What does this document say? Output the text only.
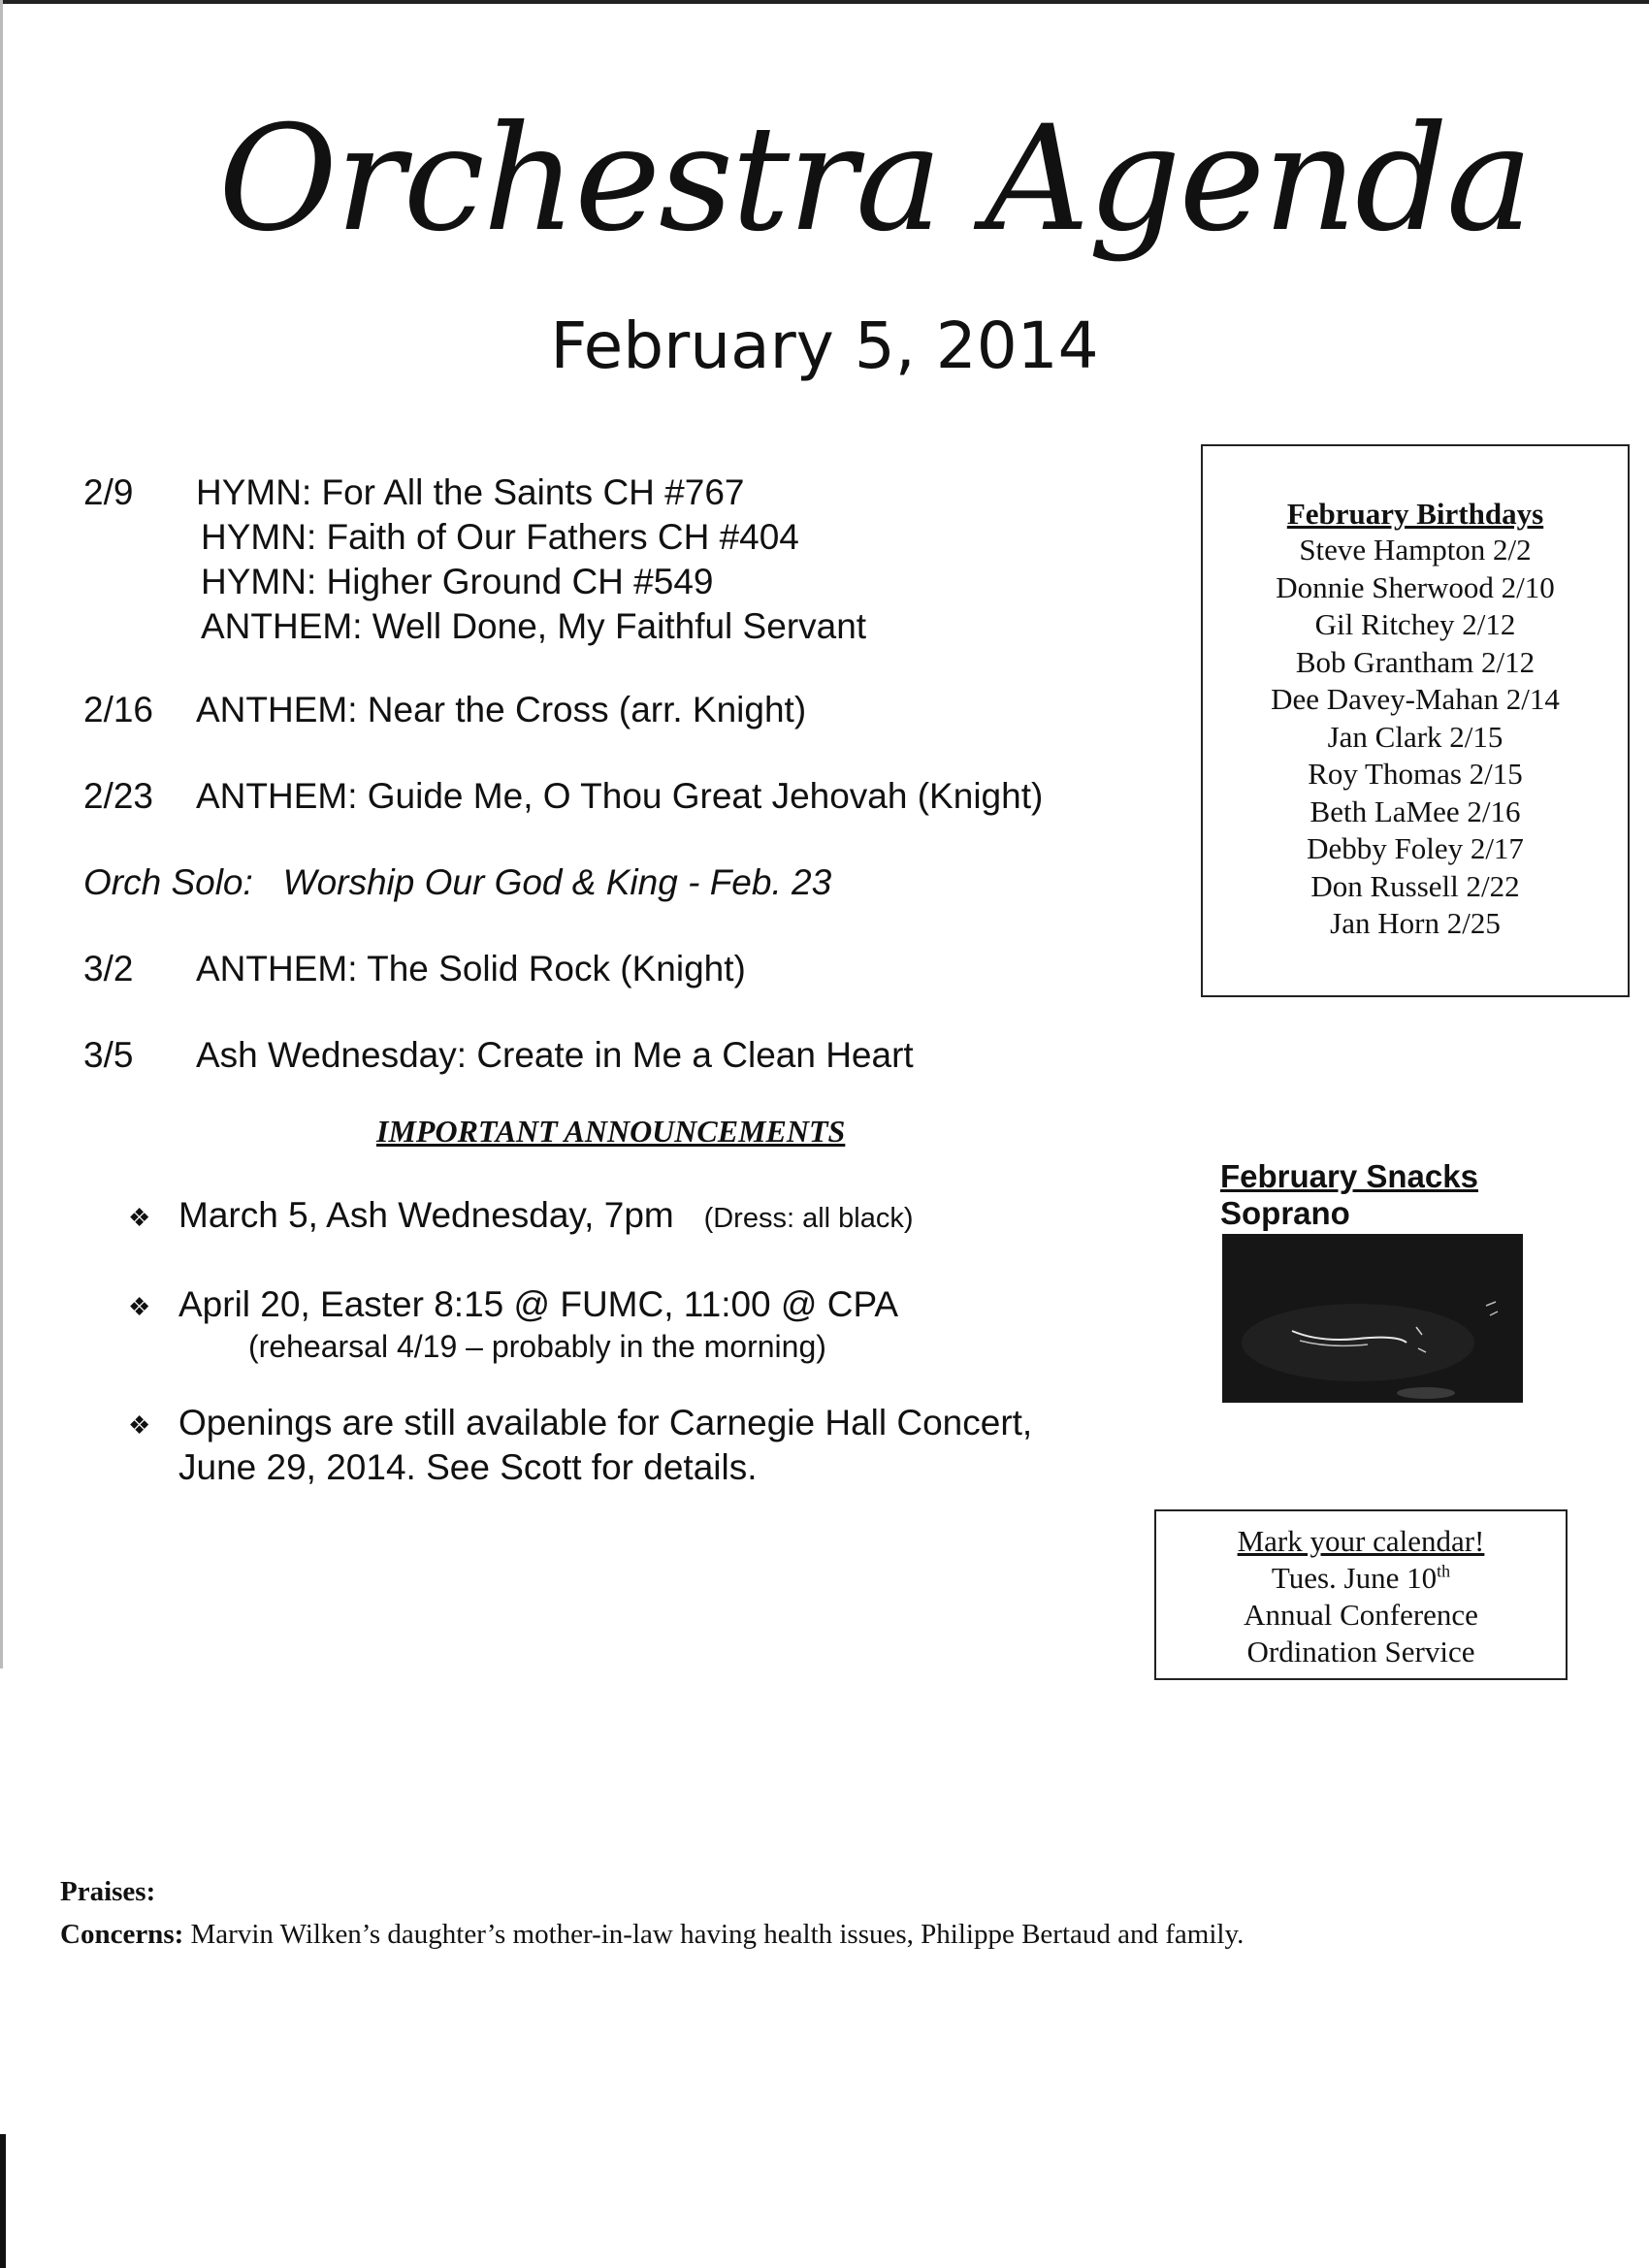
Orchestra Agenda
February 5, 2014
2/9	HYMN: For All the Saints CH #767
HYMN: Faith of Our Fathers CH #404
HYMN: Higher Ground CH #549
ANTHEM: Well Done, My Faithful Servant
2/16	ANTHEM: Near the Cross (arr. Knight)
2/23	ANTHEM: Guide Me, O Thou Great Jehovah (Knight)
Orch Solo: Worship Our God & King - Feb. 23
3/2	ANTHEM: The Solid Rock (Knight)
3/5	Ash Wednesday: Create in Me a Clean Heart
IMPORTANT ANNOUNCEMENTS
❖ March 5, Ash Wednesday, 7pm (Dress: all black)
❖ April 20, Easter 8:15 @ FUMC, 11:00 @ CPA
(rehearsal 4/19 – probably in the morning)
❖ Openings are still available for Carnegie Hall Concert,
June 29, 2014. See Scott for details.
February Birthdays
Steve Hampton 2/2
Donnie Sherwood 2/10
Gil Ritchey 2/12
Bob Grantham 2/12
Dee Davey-Mahan 2/14
Jan Clark 2/15
Roy Thomas 2/15
Beth LaMee 2/16
Debby Foley 2/17
Don Russell 2/22
Jan Horn 2/25
February Snacks
Soprano
Mark your calendar!
Tues. June 10th
Annual Conference
Ordination Service
Praises:
Concerns: Marvin Wilken’s daughter’s mother-in-law having health issues, Philippe Bertaud and family.
